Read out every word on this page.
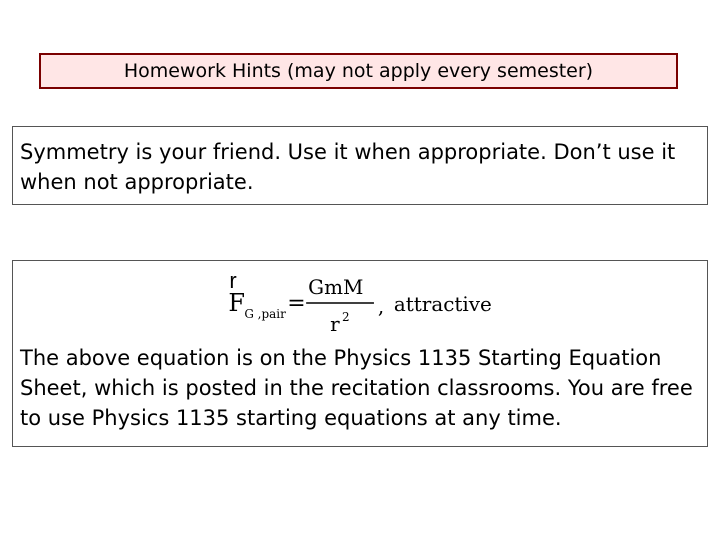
Homework Hints (may not apply every semester)
Symmetry is your friend. Use it when appropriate. Don’t use it when not appropriate.
r
F G ,pair =
GmM
r 2 , attractive
The above equation is on the Physics 1135 Starting Equation Sheet, which is posted in the recitation classrooms. You are free to use Physics 1135 starting equations at any time.
